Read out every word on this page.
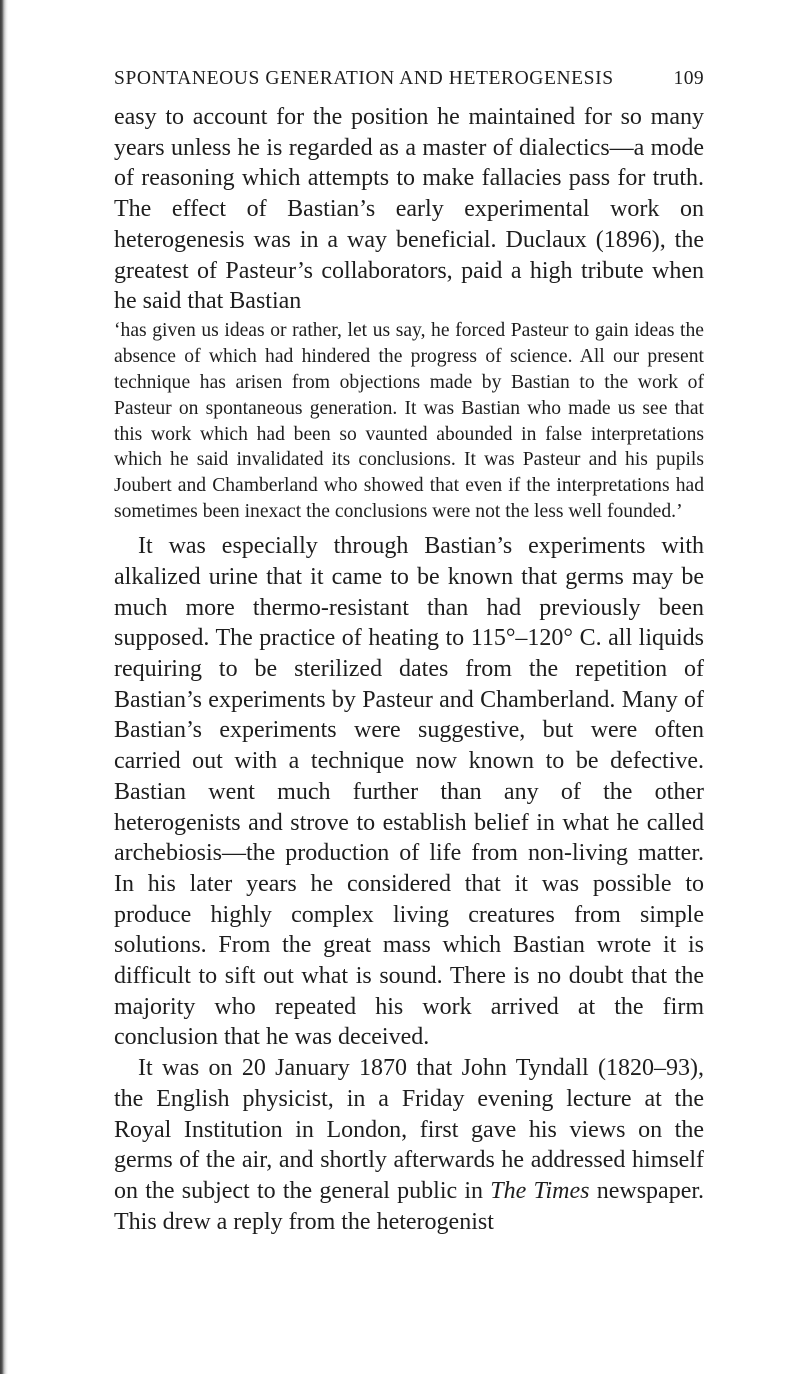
SPONTANEOUS GENERATION AND HETEROGENESIS	109

easy to account for the position he maintained for so many years unless he is regarded as a master of dialectics—a mode of reasoning which attempts to make fallacies pass for truth. The effect of Bastian’s early experimental work on heterogenesis was in a way beneficial. Duclaux (1896), the greatest of Pasteur’s collaborators, paid a high tribute when he said that Bastian

‘has given us ideas or rather, let us say, he forced Pasteur to gain ideas the absence of which had hindered the progress of science. All our present technique has arisen from objections made by Bastian to the work of Pasteur on spontaneous generation. It was Bastian who made us see that this work which had been so vaunted abounded in false interpretations which he said invalidated its conclusions. It was Pasteur and his pupils Joubert and Chamberland who showed that even if the interpretations had sometimes been inexact the conclusions were not the less well founded.’

It was especially through Bastian’s experiments with alkalized urine that it came to be known that germs may be much more thermo-resistant than had previously been supposed. The practice of heating to 115°–120° C. all liquids requiring to be sterilized dates from the repetition of Bastian’s experiments by Pasteur and Chamberland. Many of Bastian’s experiments were suggestive, but were often carried out with a technique now known to be defective. Bastian went much further than any of the other heterogenists and strove to establish belief in what he called archebiosis—the production of life from non-living matter. In his later years he considered that it was possible to produce highly complex living creatures from simple solutions. From the great mass which Bastian wrote it is difficult to sift out what is sound. There is no doubt that the majority who repeated his work arrived at the firm conclusion that he was deceived.

It was on 20 January 1870 that John Tyndall (1820–93), the English physicist, in a Friday evening lecture at the Royal Institution in London, first gave his views on the germs of the air, and shortly afterwards he addressed himself on the subject to the general public in The Times newspaper. This drew a reply from the heterogenist
